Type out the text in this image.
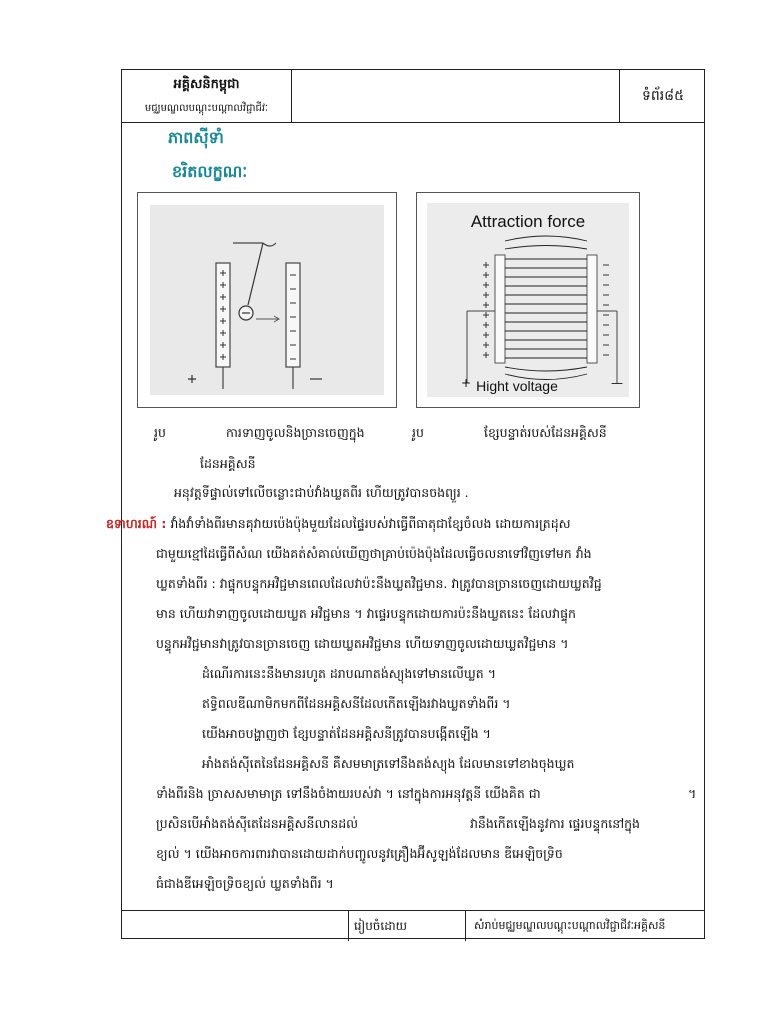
អគ្គិសនិកម្ពុជា
មជ្ឈមណ្ឌលបណ្តុះបណ្តាលវិជ្ជាជីវៈ
ទំព័រ៨៥
ភាពស៊ីទាំ
ខរិតលក្ខណៈ
Attraction force
Hight voltage
+	—
រូប	ការទាញចូលនិងច្រានចេញក្នុង	រូប	ខ្សែបន្ទាត់របស់ដែនអគ្គិសនី
ដែនអគ្គិសនី
អនុវត្តទីផ្ទាល់ទៅលើចន្លោះជាប់វាំងឃ្លតពីរ ហើយត្រូវបានចងព្យួរ .
ឧទាហរណ៍ : វាំងវាំទាំងពីរមានគុវាយប៉េងប៉ុងមួយដែលផ្ទៃរបស់វាធ្វើពីធាតុជាខ្សែចំលង ដោយការត្រដុស
ជាមួយខ្មៅដៃធ្វើពីសំណ យើងគត់សំគាល់ឃើញថាគ្រាប់ប៉េងប៉ុងដែលធ្វើចលនាទៅវិញទៅមក វាំង
ឃ្លតទាំងពីរ : វាផ្ទុកបន្ទុកអវិជ្ជមានពេលដែលវាប៉ះនឹងឃ្លតវិជ្ជមាន. វាត្រូវបានច្រានចេញដោយឃ្លតវិជ្ជ
មាន ហើយវាទាញចូលដោយឃ្លត អវិជ្ជមាន ។ វាផ្ទេរបន្ទុកដោយការប៉ះនឹងឃ្លតនេះ ដែលវាផ្ទុក
បន្ទុកអវិជ្ជមានវាត្រូវបានច្រានចេញ ដោយឃ្លតអវិជ្ជមាន ហើយទាញចូលដោយឃ្លតវិជ្ជមាន ។
ដំណើរការនេះនឹងមានរហូត ដរាបណាតង់ស្យុងទៅមានលើឃ្លត ។
ឥទ្ធិពលឌីណាមិកមកពីដែនអគ្គិសនីដែលកើតឡើងរវាងឃ្លតទាំងពីរ ។
យើងអាចបង្ហាញថា ខ្សែបន្ទាត់ដែនអគ្គិសនីត្រូវបានបង្កើតឡើង ។
អាំងតង់ស៊ីតេនៃដែនអគ្គិសនី គឺសមមាត្រទៅនឹងតង់ស្យុង ដែលមានទៅខាងចុងឃ្លត
ទាំងពីរនិង ច្រាសសមាមាត្រ ទៅនឹងចំងាយរបស់វា ។ នៅក្នុងការអនុវត្តនី យើងគិត ជា	។
ប្រសិនបើអាំងតង់ស៊ីតេដែនអគ្គិសនីលានដល់	វានឹងកើតឡើងនូវការ ផ្ទេរបន្ទុកនៅក្នុង
ខ្យល់ ។ យើងអាចការពារវាបានដោយដាក់បញ្ចូលនូវគ្រឿងអ៊ីសូឡង់ដែលមាន ឌីអេឡិចទ្រិច
ធំជាងឌីអេឡិចទ្រិចខ្យល់ ឃ្លតទាំងពីរ ។
រៀបចំដោយ	សំរាប់មជ្ឈមណ្ឌលបណ្តុះបណ្តាលវិជ្ជាជីវៈអគ្គិសនី
